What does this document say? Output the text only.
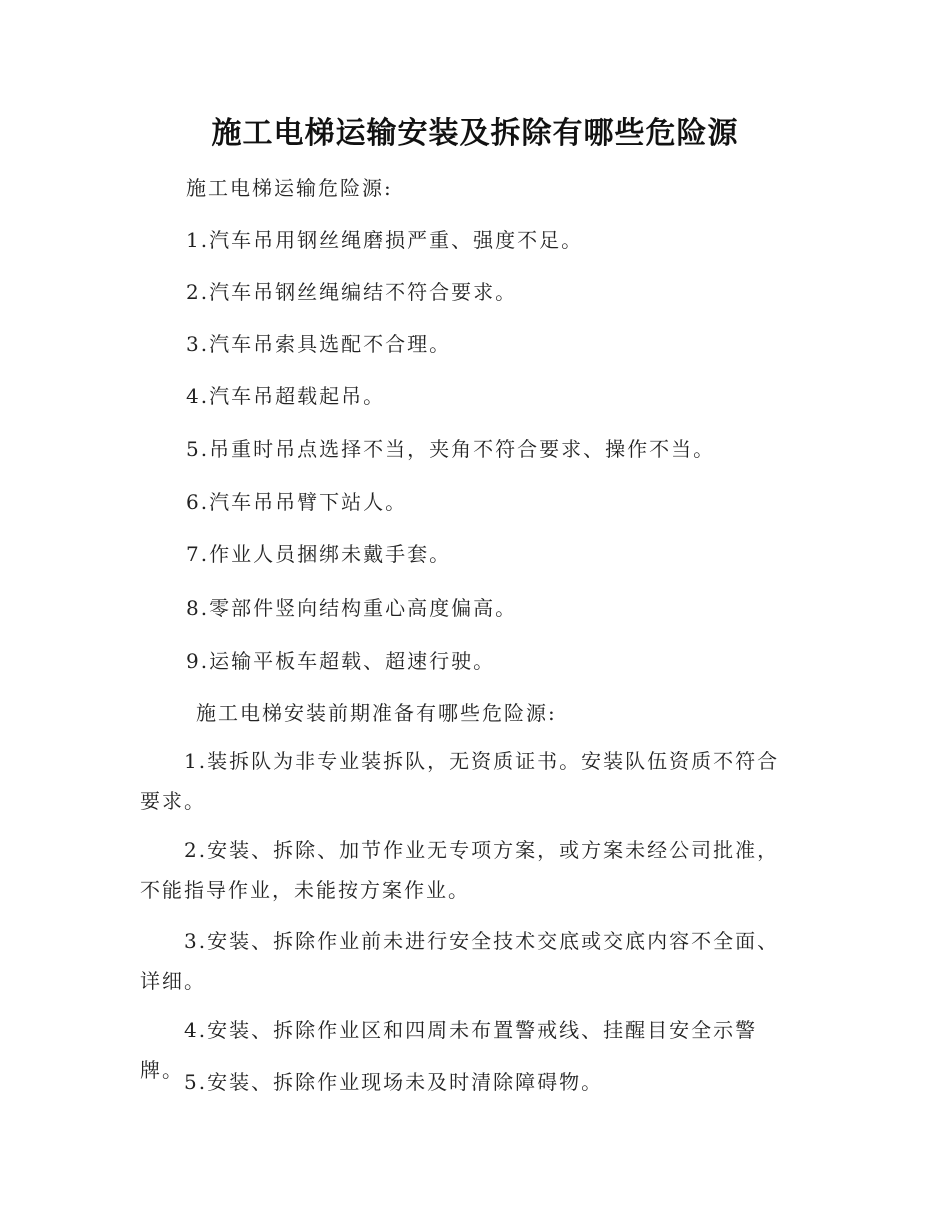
施工电梯运输安装及拆除有哪些危险源
施工电梯运输危险源:
1.汽车吊用钢丝绳磨损严重、强度不足。
2.汽车吊钢丝绳编结不符合要求。
3.汽车吊索具选配不合理。
4.汽车吊超载起吊。
5.吊重时吊点选择不当，夹角不符合要求、操作不当。
6.汽车吊吊臂下站人。
7.作业人员捆绑未戴手套。
8.零部件竖向结构重心高度偏高。
9.运输平板车超载、超速行驶。
施工电梯安装前期准备有哪些危险源:

1.装拆队为非专业装拆队，无资质证书。安装队伍资质不符合要求。

2.安装、拆除、加节作业无专项方案，或方案未经公司批准，不能指导作业，未能按方案作业。

3.安装、拆除作业前未进行安全技术交底或交底内容不全面、详细。

4.安装、拆除作业区和四周未布置警戒线、挂醒目安全示警牌。 5.安装、拆除作业现场未及时清除障碍物。
